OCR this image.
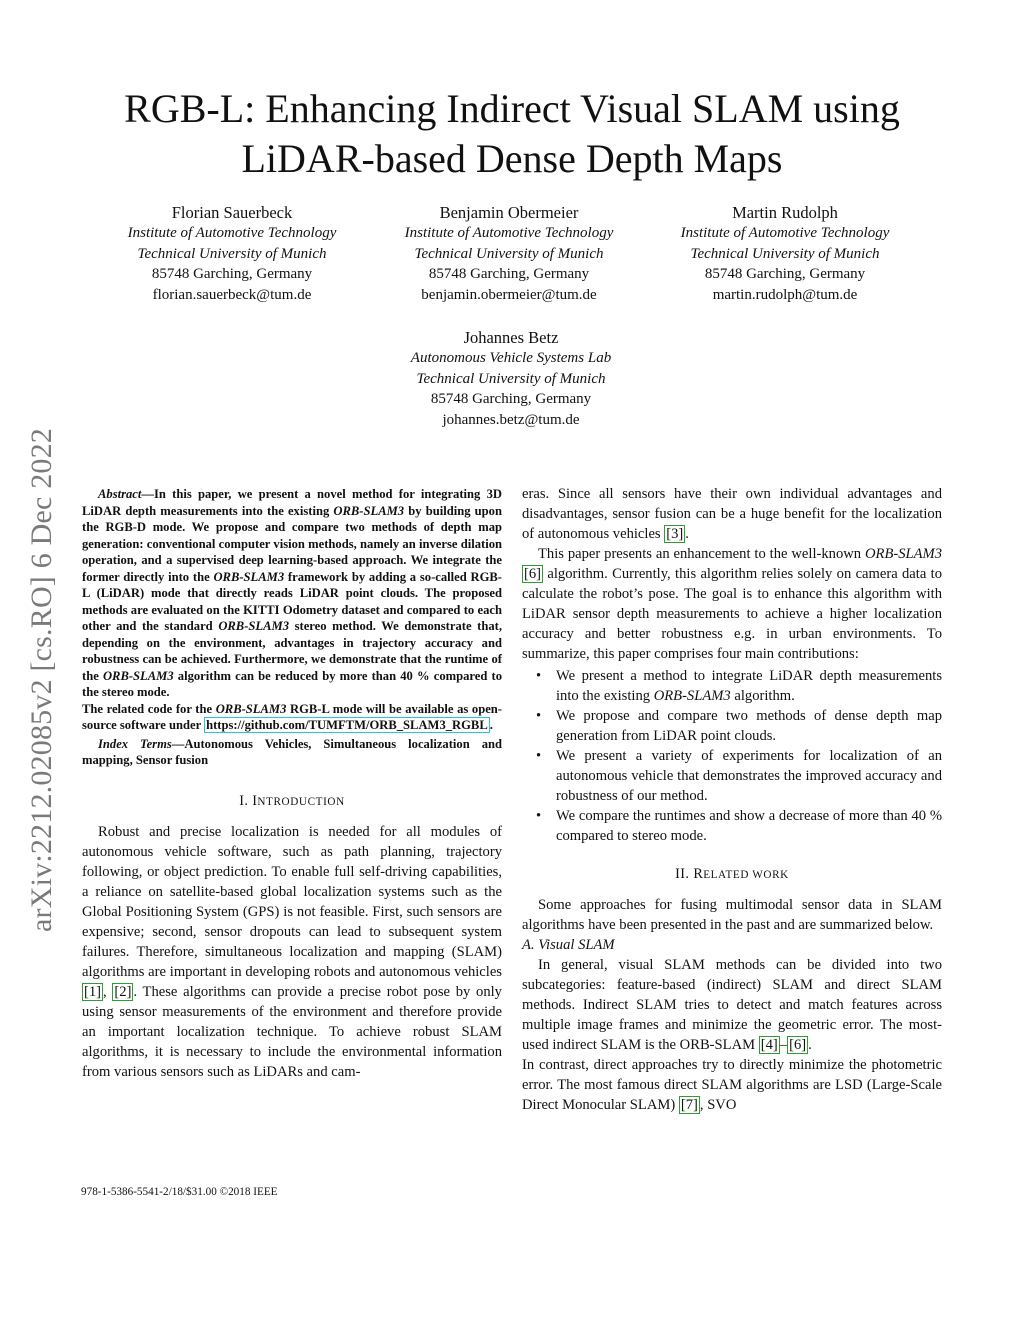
RGB-L: Enhancing Indirect Visual SLAM using
LiDAR-based Dense Depth Maps
Florian Sauerbeck
Institute of Automotive Technology
Technical University of Munich
85748 Garching, Germany
florian.sauerbeck@tum.de
Benjamin Obermeier
Institute of Automotive Technology
Technical University of Munich
85748 Garching, Germany
benjamin.obermeier@tum.de
Martin Rudolph
Institute of Automotive Technology
Technical University of Munich
85748 Garching, Germany
martin.rudolph@tum.de
Johannes Betz
Autonomous Vehicle Systems Lab
Technical University of Munich
85748 Garching, Germany
johannes.betz@tum.de
arXiv:2212.02085v2 [cs.RO] 6 Dec 2022	Abstract—In this paper, we present a novel method for integrating 3D LiDAR depth measurements into the existing ORB-SLAM3 by building upon the RGB-D mode. We propose and compare two methods of depth map generation: conventional computer vision methods, namely an inverse dilation operation, and a supervised deep learning-based approach. We integrate the former directly into the ORB-SLAM3 framework by adding a so-called RGB-L (LiDAR) mode that directly reads LiDAR point clouds. The proposed methods are evaluated on the KITTI Odometry dataset and compared to each other and the standard ORB-SLAM3 stereo method. We demonstrate that, depending on the environment, advantages in trajectory accuracy and robustness can be achieved. Furthermore, we demonstrate that the runtime of the ORB-SLAM3 algorithm can be reduced by more than 40 % compared to the stereo mode.

The related code for the ORB-SLAM3 RGB-L mode will be available as open-source software under https://github.com/TUMFTM/ORB_SLAM3_RGBL .

Index Terms—Autonomous Vehicles, Simultaneous localization and mapping, Sensor fusion

I. INTRODUCTION

Robust and precise localization is needed for all modules of autonomous vehicle software, such as path planning, trajectory following, or object prediction. To enable full self-driving capabilities, a reliance on satellite-based global localization systems such as the Global Positioning System (GPS) is not feasible. First, such sensors are expensive; second, sensor dropouts can lead to subsequent system failures. Therefore, simultaneous localization and mapping (SLAM) algorithms are important in developing robots and autonomous vehicles [1] , [2] . These algorithms can provide a precise robot pose by only using sensor measurements of the environment and therefore provide an important localization technique. To achieve robust SLAM algorithms, it is necessary to include the environmental information from various sensors such as LiDARs and cam-

978-1-5386-5541-2/18/$31.00 ©2018 IEEE

eras. Since all sensors have their own individual advantages and disadvantages, sensor fusion can be a huge benefit for the localization of autonomous vehicles [3] .

This paper presents an enhancement to the well-known ORB-SLAM3 [6] algorithm. Currently, this algorithm relies solely on camera data to calculate the robot’s pose. The goal is to enhance this algorithm with LiDAR sensor depth measurements to achieve a higher localization accuracy and better robustness e.g. in urban environments. To summarize, this paper comprises four main contributions:

• We present a method to integrate LiDAR depth measurements into the existing ORB-SLAM3 algorithm.
• We propose and compare two methods of dense depth map generation from LiDAR point clouds.
• We present a variety of experiments for localization of an autonomous vehicle that demonstrates the improved accuracy and robustness of our method.
• We compare the runtimes and show a decrease of more than 40 % compared to stereo mode.
II. RELATED WORK

Some approaches for fusing multimodal sensor data in SLAM algorithms have been presented in the past and are summarized below.

A. Visual SLAM

In general, visual SLAM methods can be divided into two subcategories: feature-based (indirect) SLAM and direct SLAM methods. Indirect SLAM tries to detect and match features across multiple image frames and minimize the geometric error. The most-used indirect SLAM is the ORB-SLAM [4] – [6] .

In contrast, direct approaches try to directly minimize the photometric error. The most famous direct SLAM algorithms are LSD (Large-Scale Direct Monocular SLAM) [7] , SVO
